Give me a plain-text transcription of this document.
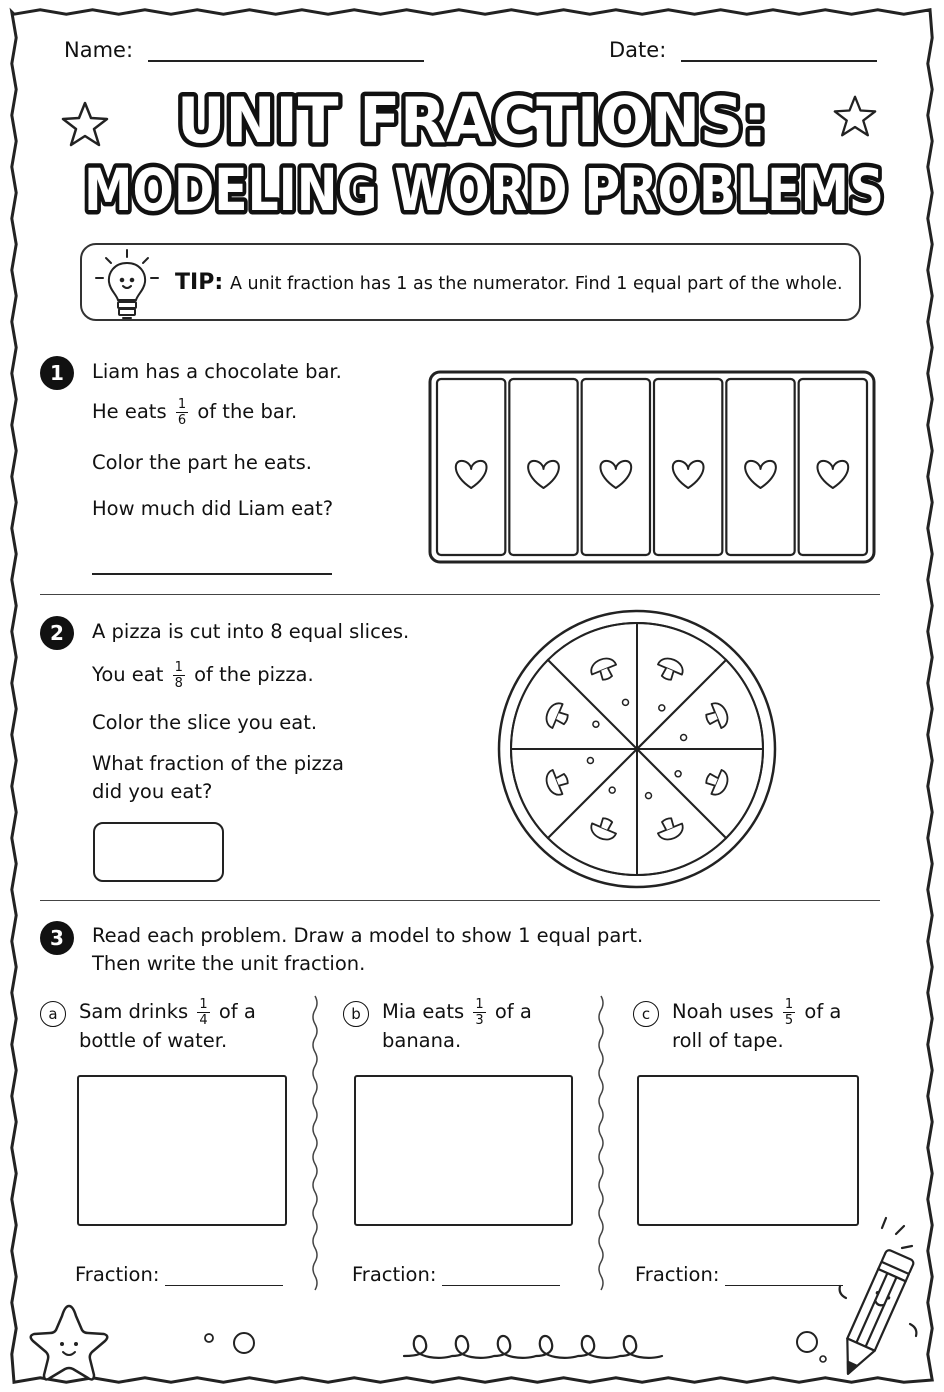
Name:	Date:
UNIT FRACTIONS:
MODELING WORD PROBLEMS
TIP: A unit fraction has 1 as the numerator. Find 1 equal part of the whole.
1	Liam has a chocolate bar.
He eats $\frac{1}{6}$ of the bar.
Color the part he eats.
How much did Liam eat?
2	A pizza is cut into 8 equal slices.
You eat $\frac{1}{8}$ of the pizza.
Color the slice you eat.
What fraction of the pizza
did you eat?
3	Read each problem. Draw a model to show 1 equal part.
Then write the unit fraction.
a	Sam drinks $\frac{1}{4}$ of a
bottle of water.
Fraction:
b	Mia eats $\frac{1}{3}$ of a
banana.
Fraction:
c	Noah uses $\frac{1}{5}$ of a
roll of tape.
Fraction:
